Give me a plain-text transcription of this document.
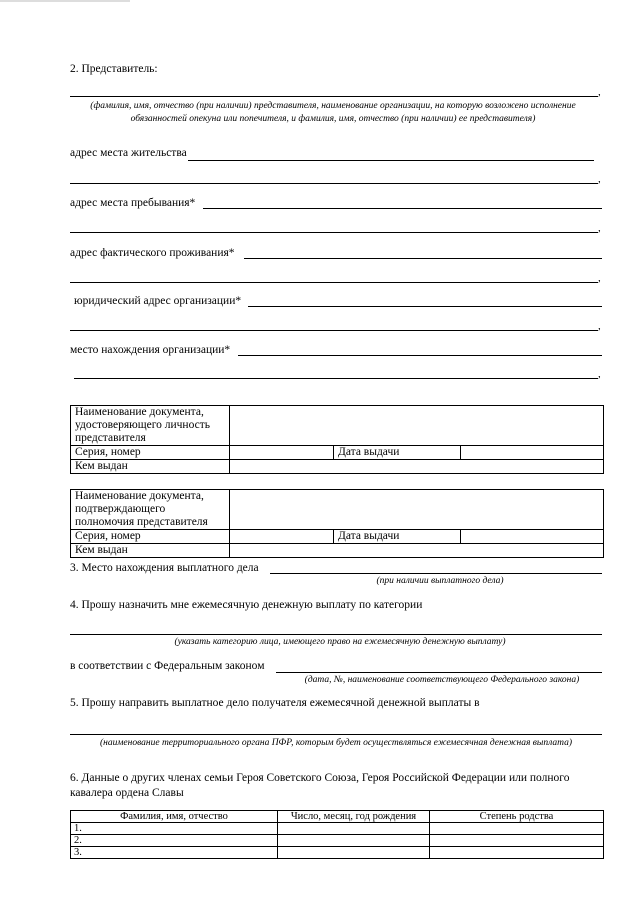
2. Представитель:
,
(фамилия, имя, отчество (при наличии) представителя, наименование организации, на которую возложено исполнение обязанностей опекуна или попечителя, и фамилия, имя, отчество (при наличии) ее представителя)
адрес места жительства
,
адрес места пребывания*
,
адрес фактического проживания*
,
юридический адрес организации*
,
место нахождения организации*
,
Наименование документа, удостоверяющего личность представителя			
Серия, номер		Дата выдачи	
Кем выдан			
Наименование документа, подтверждающего полномочия представителя			
Серия, номер		Дата выдачи	
Кем выдан			
3. Место нахождения выплатного дела
(при наличии выплатного дела)
4. Прошу назначить мне ежемесячную денежную выплату по категории
(указать категорию лица, имеющего право на ежемесячную денежную выплату)
в соответствии с Федеральным законом
(дата, №, наименование соответствующего Федерального закона)
5. Прошу направить выплатное дело получателя ежемесячной денежной выплаты в
(наименование территориального органа ПФР, которым будет осуществляться ежемесячная денежная выплата)
6. Данные о других членах семьи Героя Советского Союза, Героя Российской Федерации или полного кавалера ордена Славы
Фамилия, имя, отчество	Число, месяц, год рождения	Степень родства
1.		
2.		
3.		
